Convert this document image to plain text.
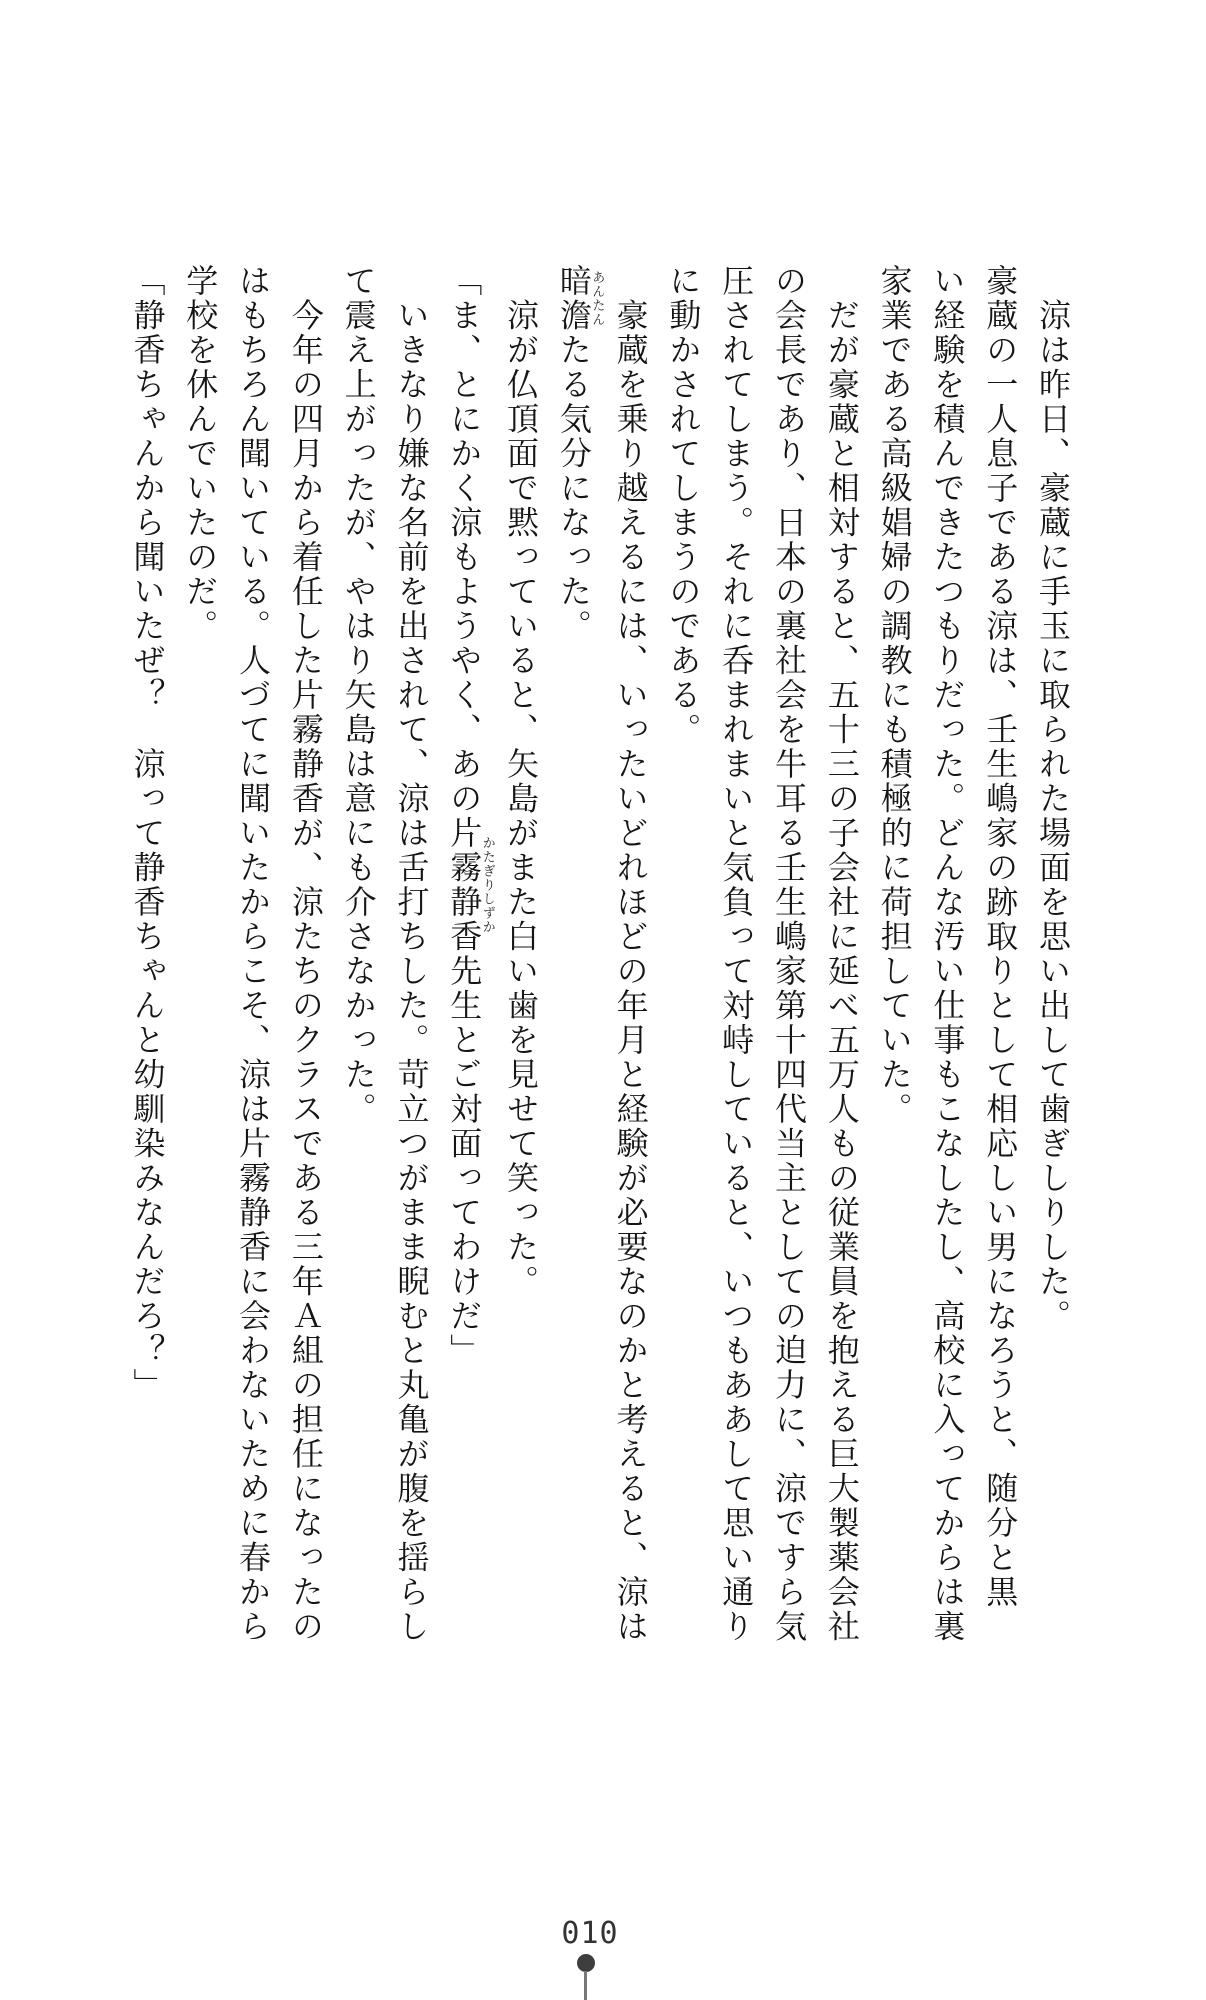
　涼は昨日、豪蔵に手玉に取られた場面を思い出して歯ぎしりした。
豪蔵の一人息子である涼は、壬生嶋家の跡取りとして相応しい男になろうと、随分と黒
い経験を積んできたつもりだった。どんな汚い仕事もこなしたし、高校に入ってからは裏
家業である高級娼婦の調教にも積極的に荷担していた。
　だが豪蔵と相対すると、五十三の子会社に延べ五万人もの従業員を抱える巨大製薬会社
の会長であり、日本の裏社会を牛耳る壬生嶋家第十四代当主としての迫力に、涼ですら気
圧されてしまう。それに呑まれまいと気負って対峙していると、いつもああして思い通り
に動かされてしまうのである。
　豪蔵を乗り越えるには、いったいどれほどの年月と経験が必要なのかと考えると、涼は
暗澹あんたんたる気分になった。
　涼が仏頂面で黙っていると、矢島がまた白い歯を見せて笑った。
「ま、とにかく涼もようやく、あの片霧静香かたぎりしずか先生とご対面ってわけだ」
　いきなり嫌な名前を出されて、涼は舌打ちした。苛立つがまま睨むと丸亀が腹を揺らし
て震え上がったが、やはり矢島は意にも介さなかった。
　今年の四月から着任した片霧静香が、涼たちのクラスである三年Ａ組の担任になったの
はもちろん聞いている。人づてに聞いたからこそ、涼は片霧静香に会わないために春から
学校を休んでいたのだ。
「静香ちゃんから聞いたぜ？　涼って静香ちゃんと幼馴染みなんだろ？」
010
